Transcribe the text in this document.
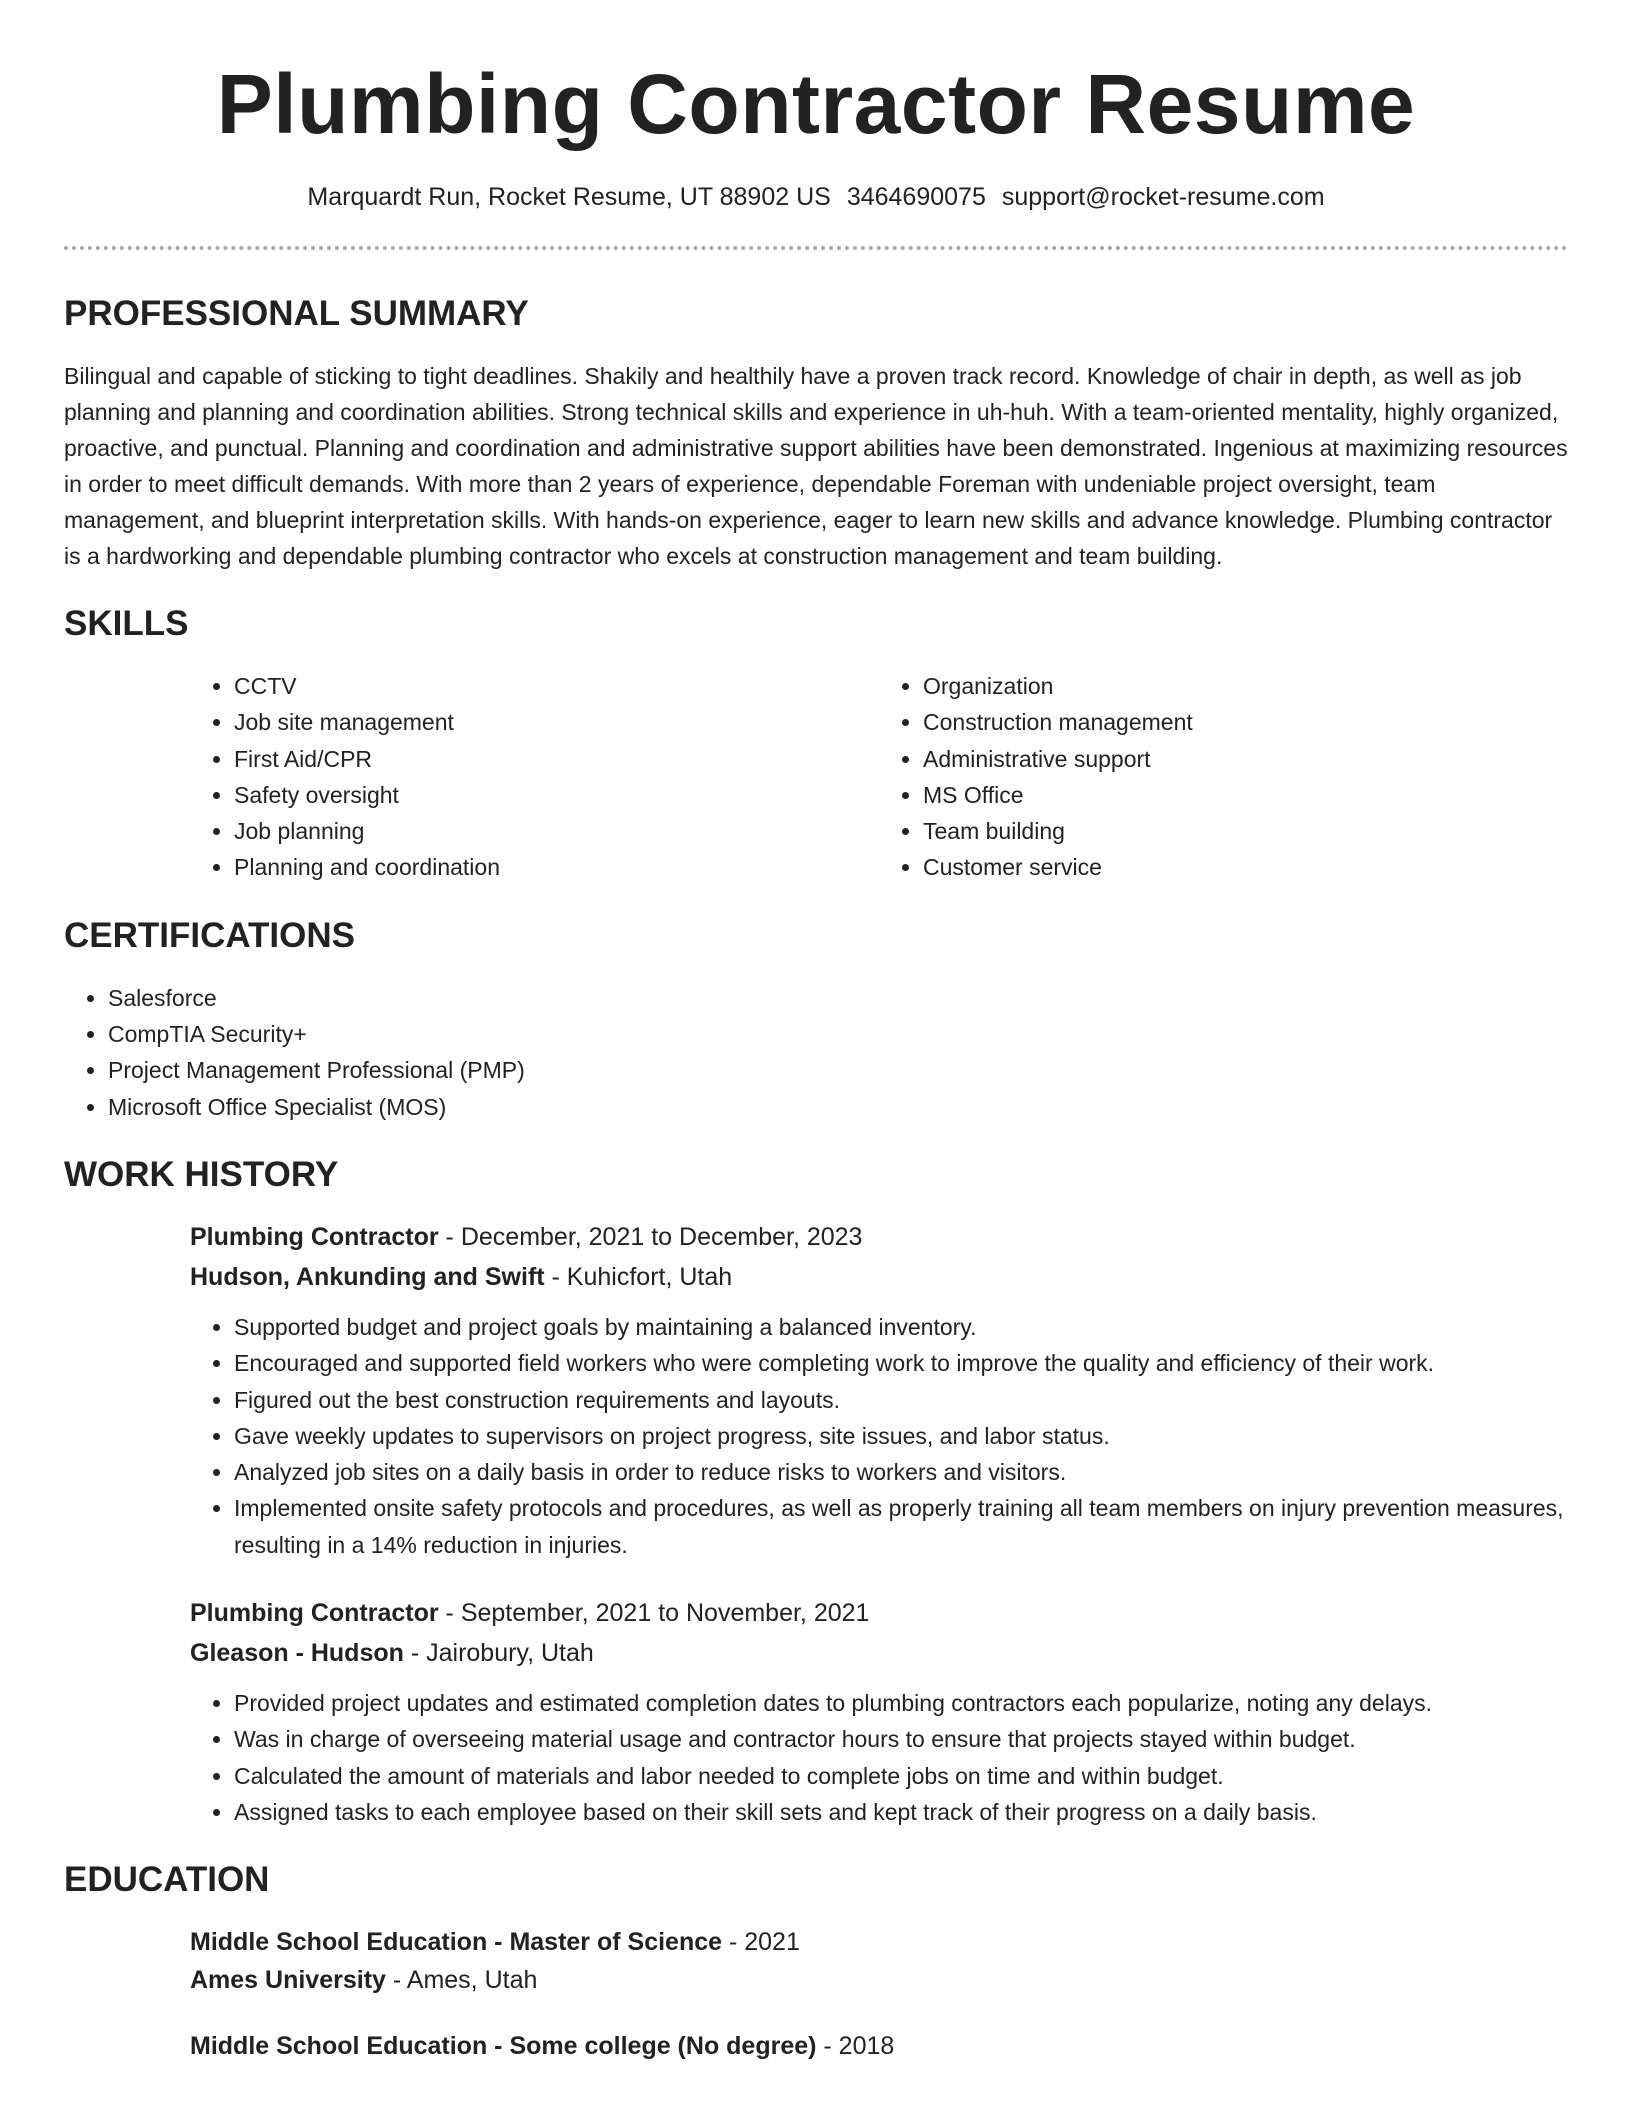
Plumbing Contractor Resume
Marquardt Run, Rocket Resume, UT 88902 US 3464690075 support@rocket-resume.com
PROFESSIONAL SUMMARY

Bilingual and capable of sticking to tight deadlines. Shakily and healthily have a proven track record. Knowledge of chair in depth, as well as job planning and planning and coordination abilities. Strong technical skills and experience in uh-huh. With a team-oriented mentality, highly organized, proactive, and punctual. Planning and coordination and administrative support abilities have been demonstrated. Ingenious at maximizing resources in order to meet difficult demands. With more than 2 years of experience, dependable Foreman with undeniable project oversight, team management, and blueprint interpretation skills. With hands-on experience, eager to learn new skills and advance knowledge. Plumbing contractor is a hardworking and dependable plumbing contractor who excels at construction management and team building.

SKILLS
• CCTV
• Job site management
• First Aid/CPR
• Safety oversight
• Job planning
• Planning and coordination
• Organization
• Construction management
• Administrative support
• MS Office
• Team building
• Customer service
CERTIFICATIONS
• Salesforce
• CompTIA Security+
• Project Management Professional (PMP)
• Microsoft Office Specialist (MOS)
WORK HISTORY

Plumbing Contractor - December, 2021 to December, 2023

Hudson, Ankunding and Swift - Kuhicfort, Utah

• Supported budget and project goals by maintaining a balanced inventory.
• Encouraged and supported field workers who were completing work to improve the quality and efficiency of their work.
• Figured out the best construction requirements and layouts.
• Gave weekly updates to supervisors on project progress, site issues, and labor status.
• Analyzed job sites on a daily basis in order to reduce risks to workers and visitors.
• Implemented onsite safety protocols and procedures, as well as properly training all team members on injury prevention measures, resulting in a 14% reduction in injuries.

Plumbing Contractor - September, 2021 to November, 2021

Gleason - Hudson - Jairobury, Utah

• Provided project updates and estimated completion dates to plumbing contractors each popularize, noting any delays.
• Was in charge of overseeing material usage and contractor hours to ensure that projects stayed within budget.
• Calculated the amount of materials and labor needed to complete jobs on time and within budget.
• Assigned tasks to each employee based on their skill sets and kept track of their progress on a daily basis.
EDUCATION

Middle School Education - Master of Science - 2021

Ames University - Ames, Utah

Middle School Education - Some college (No degree) - 2018
